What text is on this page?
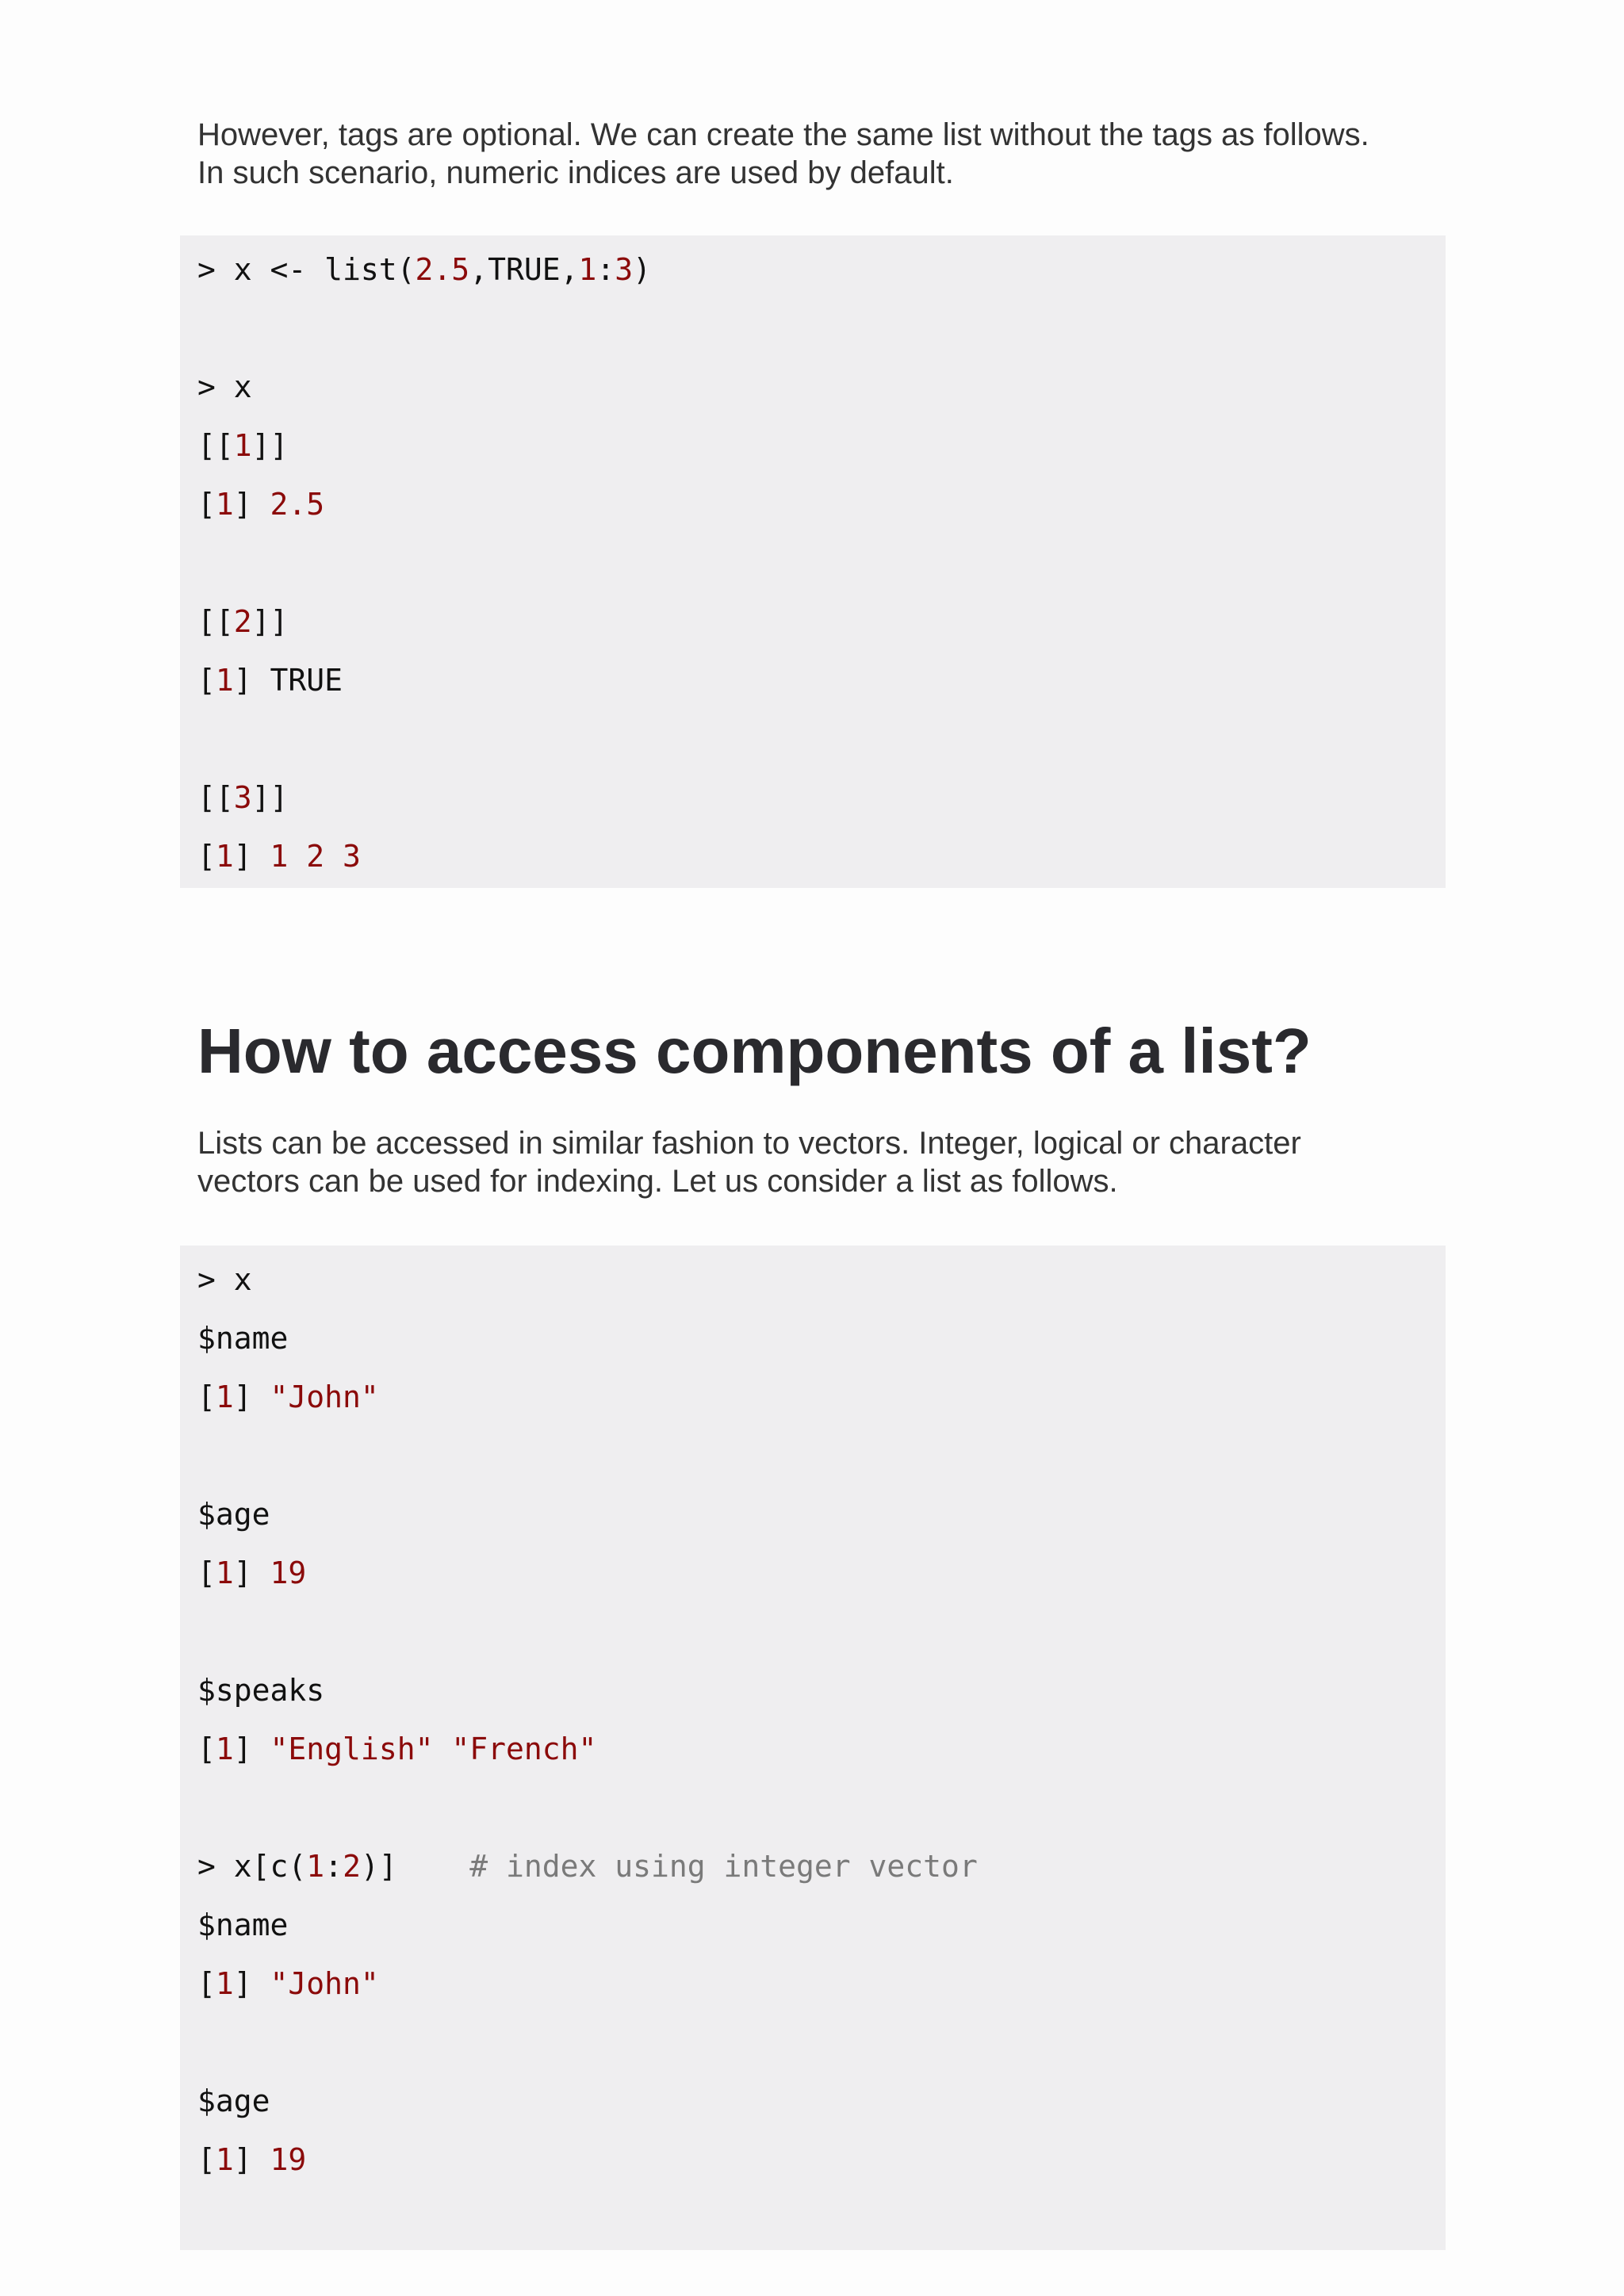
However, tags are optional. We can create the same list without the tags as follows.
In such scenario, numeric indices are used by default.

> x <- list(2.5,TRUE,1:3)
> x
[[1]]
[1] 2.5
[[2]]
[1] TRUE
[[3]]
[1] 1 2 3
How to access components of a list?

Lists can be accessed in similar fashion to vectors. Integer, logical or character
vectors can be used for indexing. Let us consider a list as follows.

> x
$name
[1] "John"
$age
[1] 19
$speaks
[1] "English" "French"
> x[c(1:2)]    # index using integer vector
$name
[1] "John"
$age
[1] 19
